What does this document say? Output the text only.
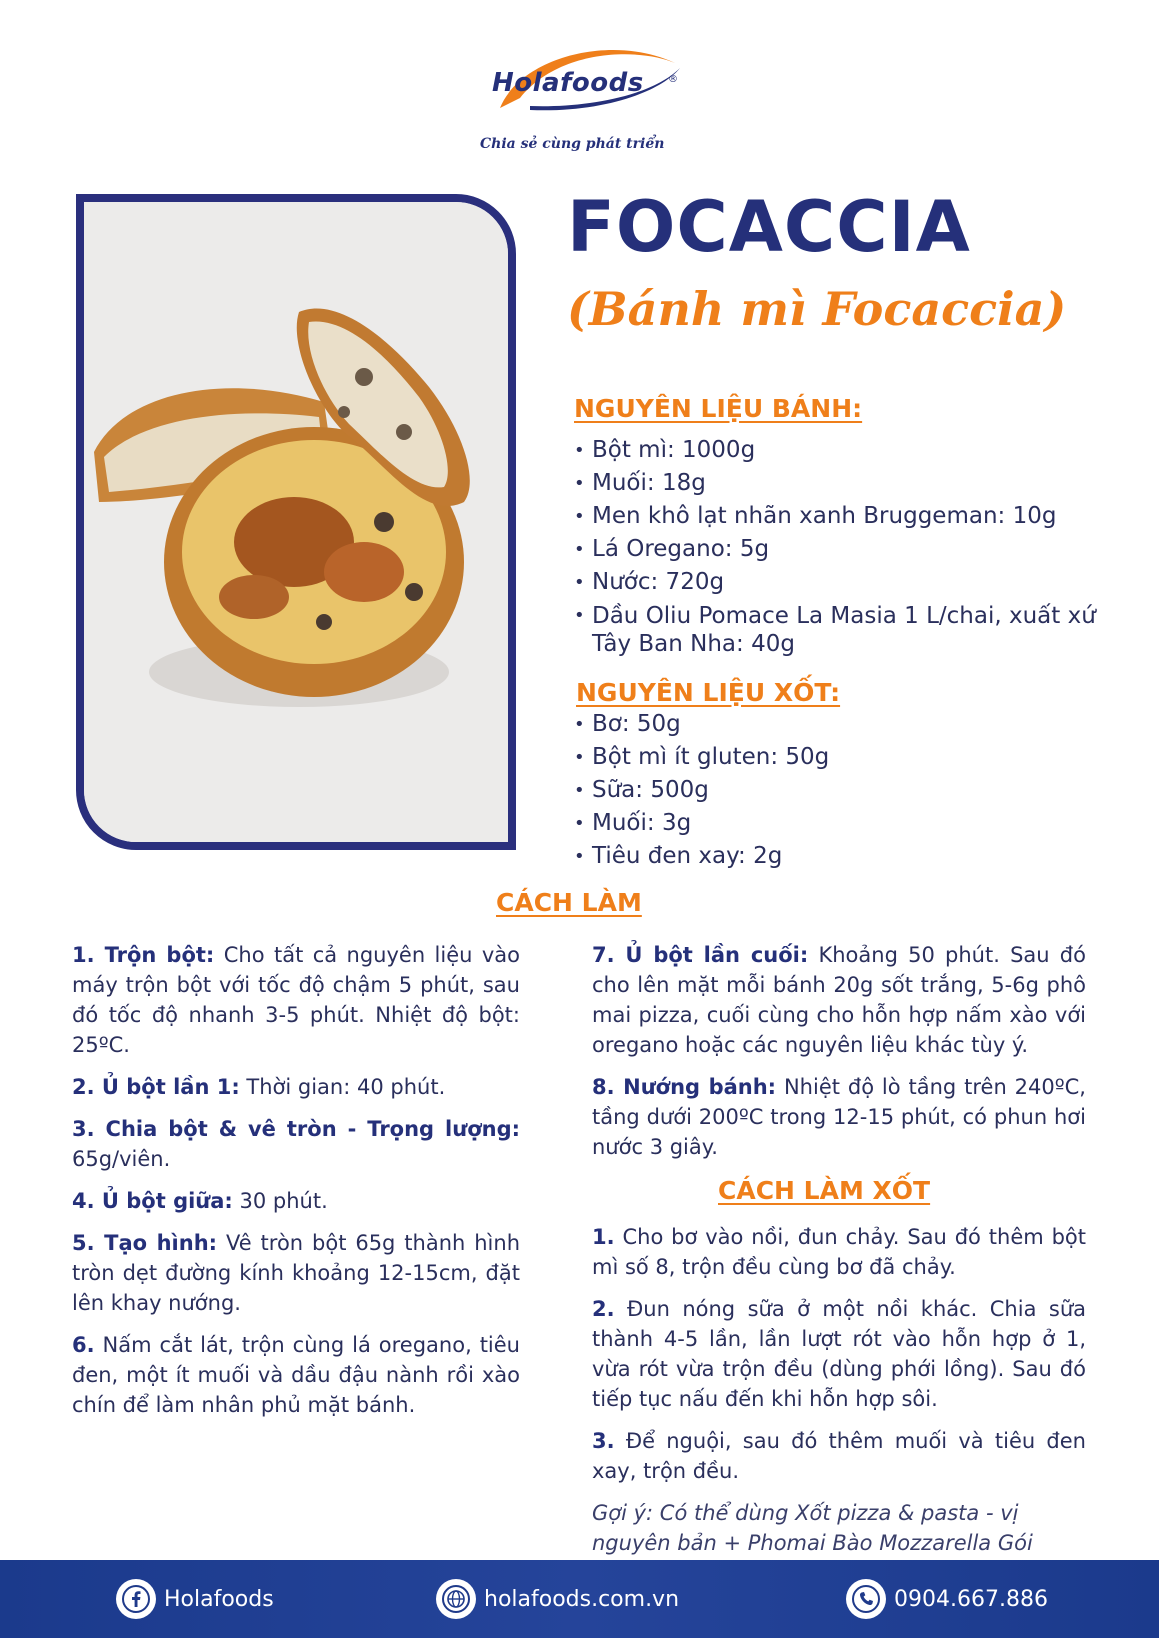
Holafoods ®
Chia sẻ cùng phát triển
FOCACCIA
(Bánh mì Focaccia)
NGUYÊN LIỆU BÁNH:
• Bột mì: 1000g
• Muối: 18g
• Men khô lạt nhãn xanh Bruggeman: 10g
• Lá Oregano: 5g
• Nước: 720g
• Dầu Oliu Pomace La Masia 1 L/chai, xuất xứ Tây Ban Nha: 40g
NGUYÊN LIỆU XỐT:
• Bơ: 50g
• Bột mì ít gluten: 50g
• Sữa: 500g
• Muối: 3g
• Tiêu đen xay: 2g
CÁCH LÀM

1. Trộn bột: Cho tất cả nguyên liệu vào máy trộn bột với tốc độ chậm 5 phút, sau đó tốc độ nhanh 3-5 phút. Nhiệt độ bột: 25ºC.

2. Ủ bột lần 1: Thời gian: 40 phút.

3. Chia bột & vê tròn - Trọng lượng: 65g/viên.

4. Ủ bột giữa: 30 phút.

5. Tạo hình: Vê tròn bột 65g thành hình tròn dẹt đường kính khoảng 12-15cm, đặt lên khay nướng.

6. Nấm cắt lát, trộn cùng lá oregano, tiêu đen, một ít muối và dầu đậu nành rồi xào chín để làm nhân phủ mặt bánh.

7. Ủ bột lần cuối: Khoảng 50 phút. Sau đó cho lên mặt mỗi bánh 20g sốt trắng, 5-6g phô mai pizza, cuối cùng cho hỗn hợp nấm xào với oregano hoặc các nguyên liệu khác tùy ý.

8. Nướng bánh: Nhiệt độ lò tầng trên 240ºC, tầng dưới 200ºC trong 12-15 phút, có phun hơi nước 3 giây.

CÁCH LÀM XỐT

1. Cho bơ vào nồi, đun chảy. Sau đó thêm bột mì số 8, trộn đều cùng bơ đã chảy.

2. Đun nóng sữa ở một nồi khác. Chia sữa thành 4-5 lần, lần lượt rót vào hỗn hợp ở 1, vừa rót vừa trộn đều (dùng phới lồng). Sau đó tiếp tục nấu đến khi hỗn hợp sôi.

3. Để nguội, sau đó thêm muối và tiêu đen xay, trộn đều.

Gợi ý: Có thể dùng Xốt pizza & pasta - vị nguyên bản + Phomai Bào Mozzarella Gói

Holafoods	holafoods.com.vn	0904.667.886
